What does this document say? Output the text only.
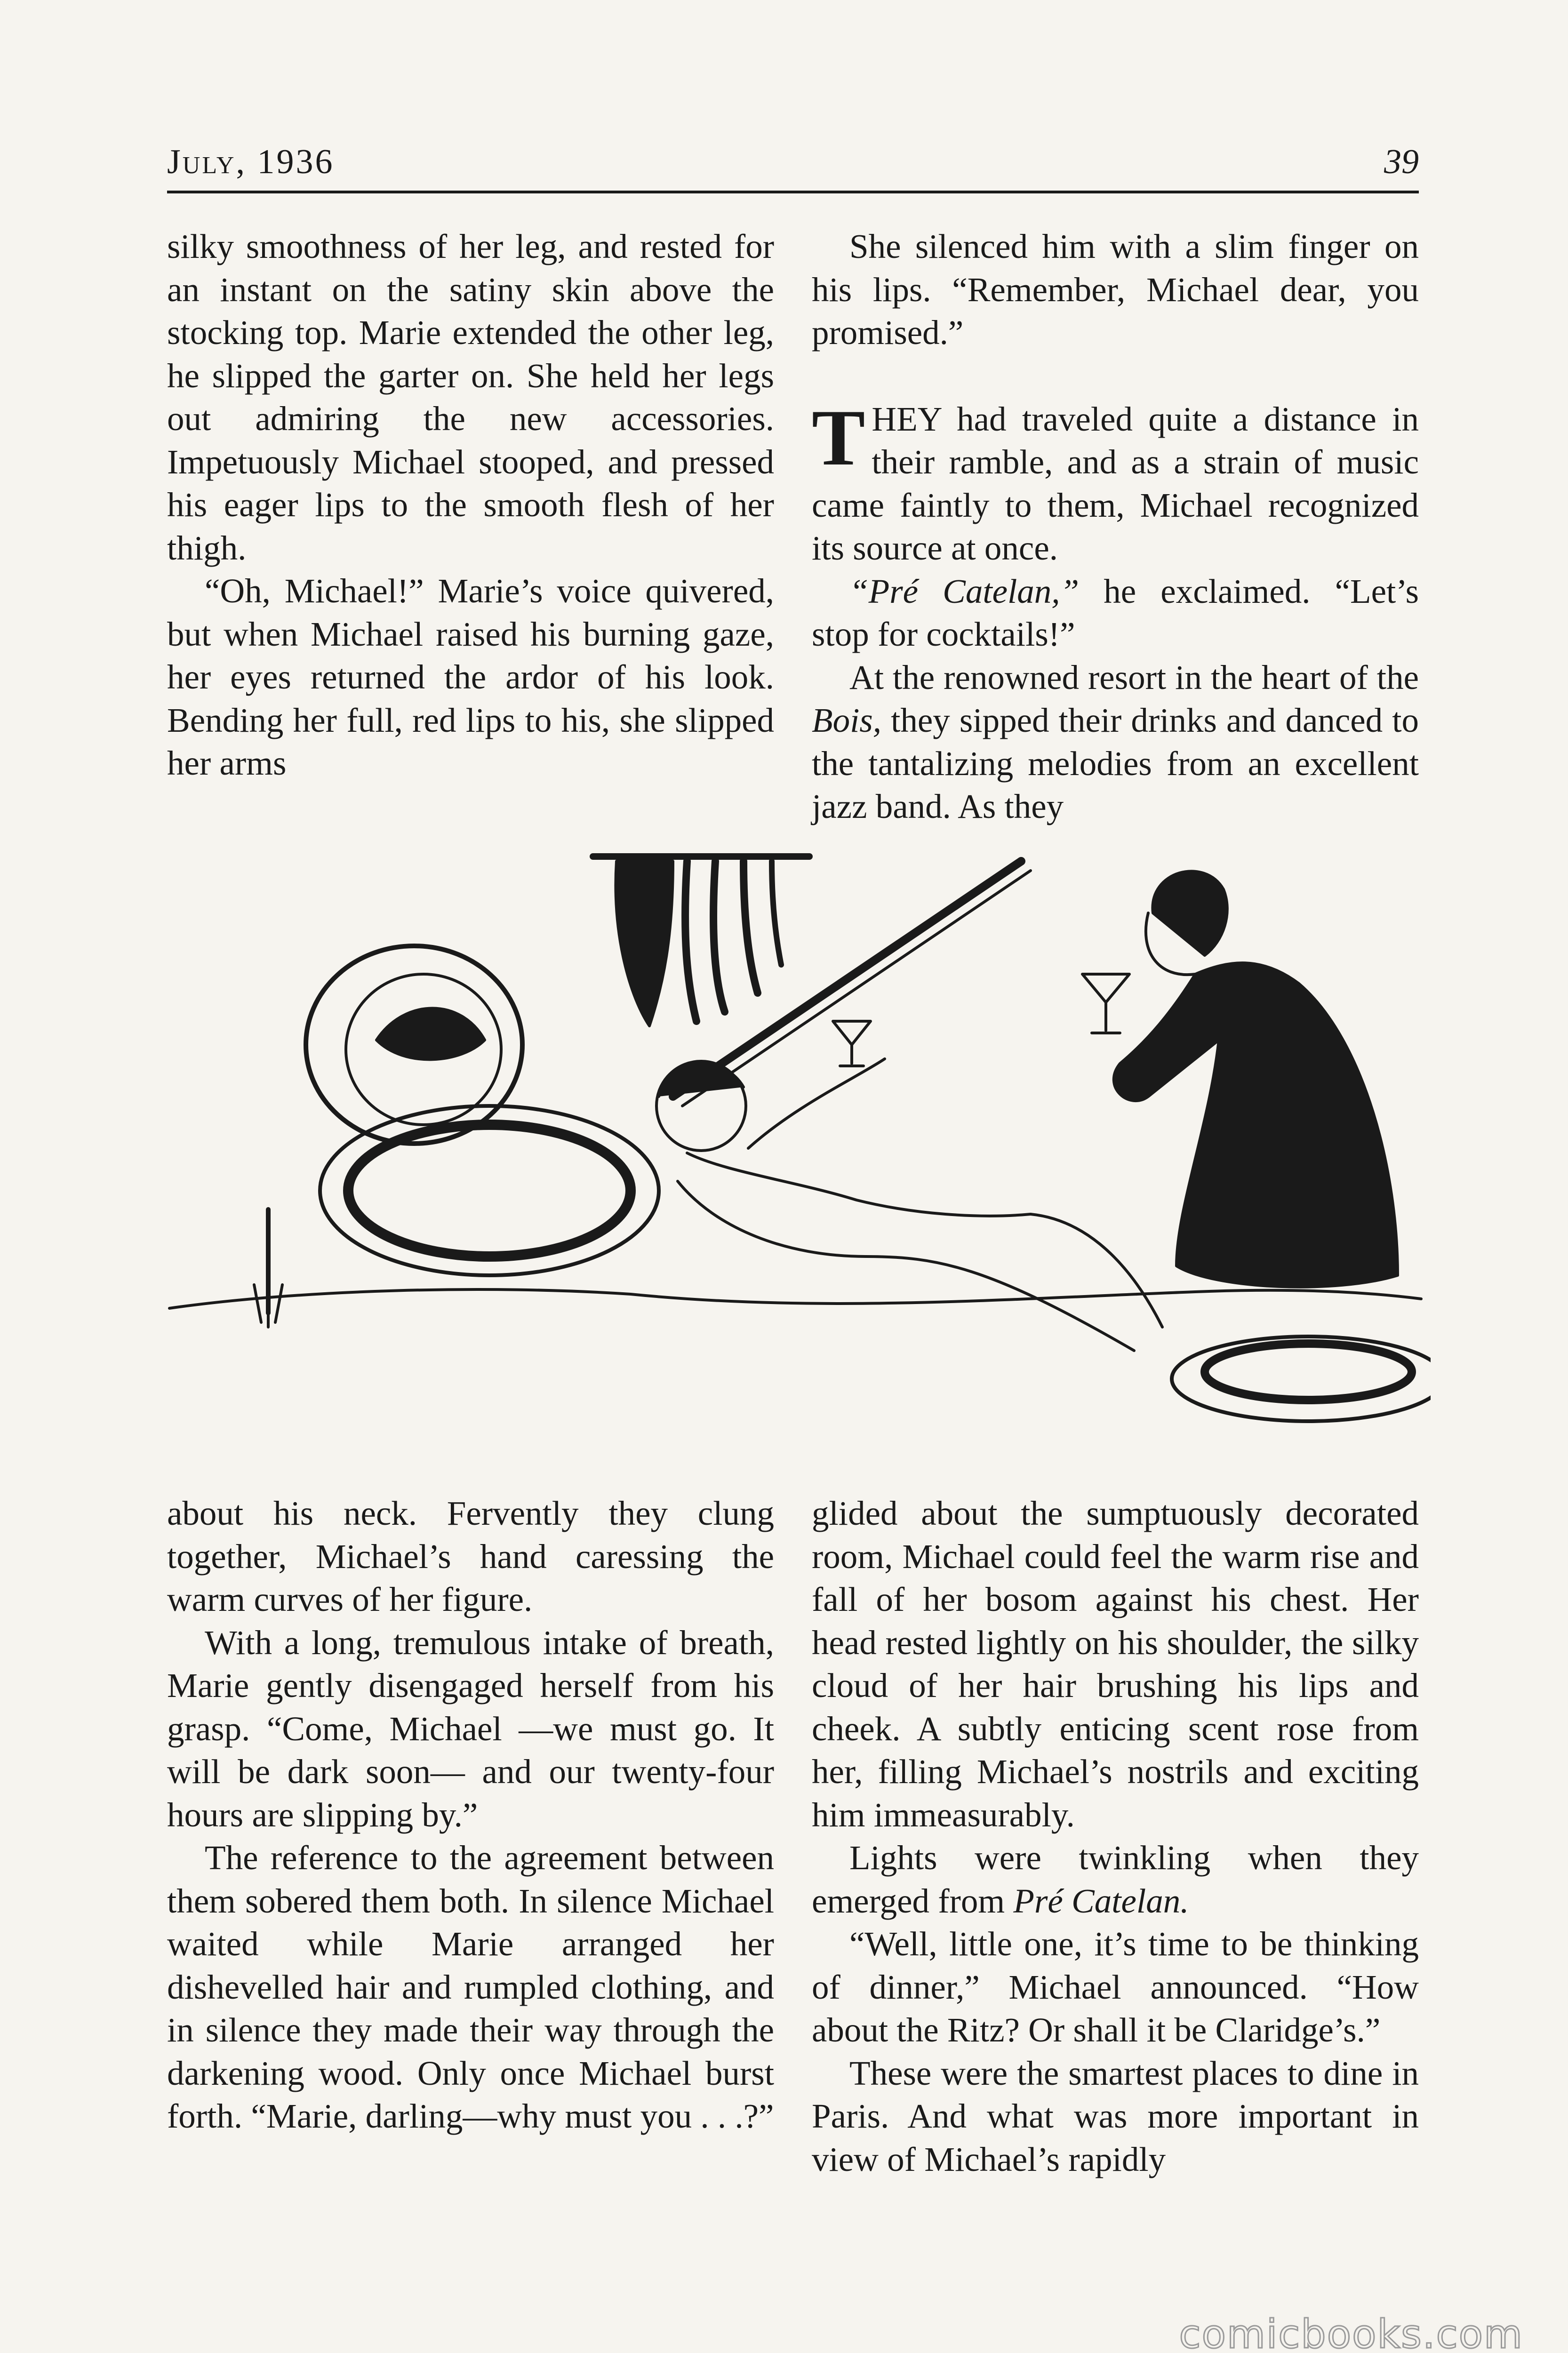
July, 1936	39

silky smoothness of her leg, and rested for an instant on the satiny skin above the stocking top. Marie extended the other leg, he slipped the garter on. She held her legs out admiring the new accessories. Impetuously Michael stooped, and pressed his eager lips to the smooth flesh of her thigh.

“Oh, Michael!” Marie’s voice quivered, but when Michael raised his burning gaze, her eyes returned the ardor of his look. Bending her full, red lips to his, she slipped her arms

She silenced him with a slim finger on his lips. “Remember, Michael dear, you promised.”

THEY had traveled quite a distance in their ramble, and as a strain of music came faintly to them, Michael recognized its source at once.

“Pré Catelan,” he exclaimed. “Let’s stop for cocktails!”

At the renowned resort in the heart of the Bois, they sipped their drinks and danced to the tantalizing melodies from an excellent jazz band. As they

about his neck. Fervently they clung together, Michael’s hand caressing the warm curves of her figure.

With a long, tremulous intake of breath, Marie gently disengaged herself from his grasp. “Come, Michael —we must go. It will be dark soon— and our twenty-four hours are slipping by.”

The reference to the agreement between them sobered them both. In silence Michael waited while Marie arranged her dishevelled hair and rumpled clothing, and in silence they made their way through the darkening wood. Only once Michael burst forth. “Marie, darling—why must you . . .?”

glided about the sumptuously decorated room, Michael could feel the warm rise and fall of her bosom against his chest. Her head rested lightly on his shoulder, the silky cloud of her hair brushing his lips and cheek. A subtly enticing scent rose from her, filling Michael’s nostrils and exciting him immeasurably.

Lights were twinkling when they emerged from Pré Catelan.

“Well, little one, it’s time to be thinking of dinner,” Michael announced. “How about the Ritz? Or shall it be Claridge’s.”

These were the smartest places to dine in Paris. And what was more important in view of Michael’s rapidly

comicbooks.com
